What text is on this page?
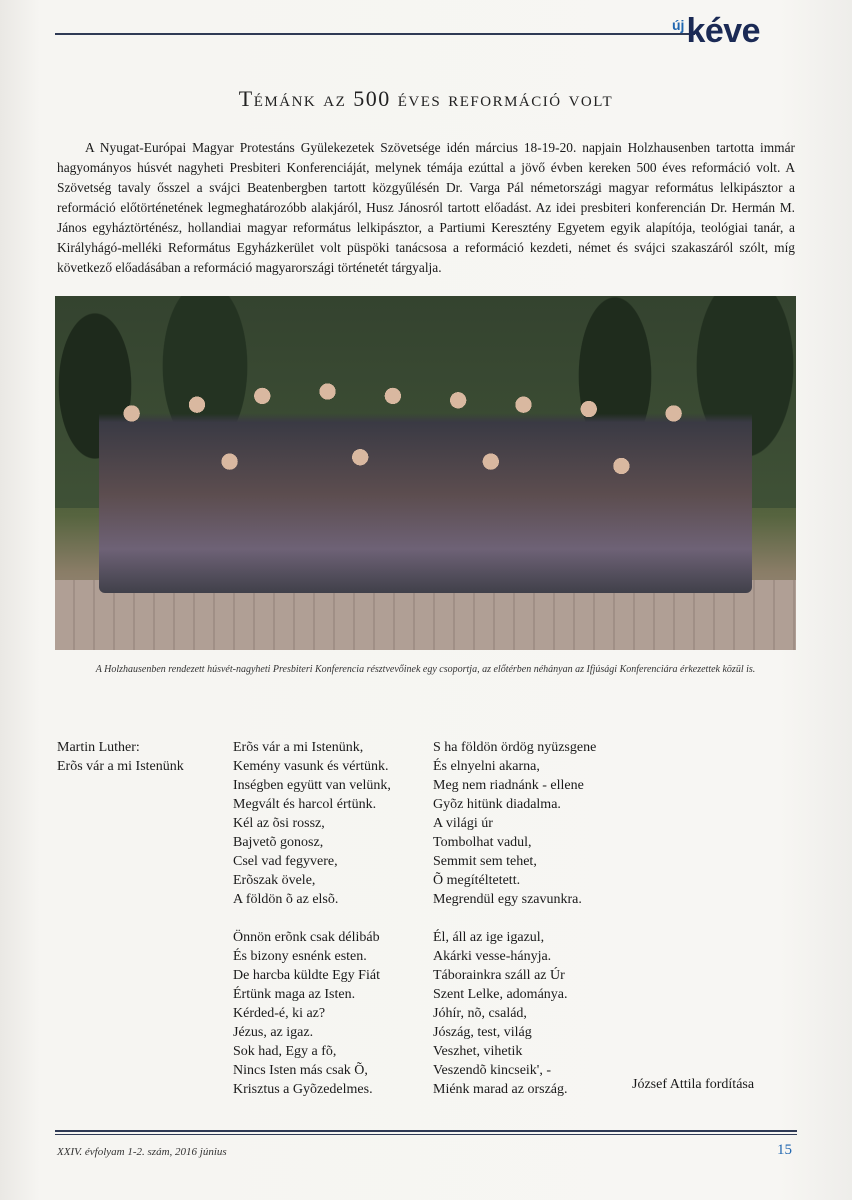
új kéve
Témánk az 500 éves reformáció volt

A Nyugat-Európai Magyar Protestáns Gyülekezetek Szövetsége idén március 18-19-20. napjain Holzhausenben tartotta immár hagyományos húsvét nagyheti Presbiteri Konferenciáját, melynek témája ezúttal a jövő évben kereken 500 éves reformáció volt. A Szövetség tavaly ősszel a svájci Beatenbergben tartott közgyűlésén Dr. Varga Pál németországi magyar református lelkipásztor a reformáció előtörténetének legmeghatározóbb alakjáról, Husz Jánosról tartott előadást. Az idei presbiteri konferencián Dr. Hermán M. János egyháztörténész, hollandiai magyar református lelkipásztor, a Partiumi Keresztény Egyetem egyik alapítója, teológiai tanár, a Királyhágó-melléki Református Egyházkerület volt püspöki tanácsosa a reformáció kezdeti, német és svájci szakaszáról szólt, míg következő előadásában a reformáció magyarországi történetét tárgyalja.

A Holzhausenben rendezett húsvét-nagyheti Presbiteri Konferencia résztvevőinek egy csoportja, az előtérben néhányan az Ifjúsági Konferenciára érkezettek közül is.
Martin Luther:
Erõs vár a mi Istenünk
Erõs vár a mi Istenünk,
Kemény vasunk és vértünk.
Inségben együtt van velünk,
Megvált és harcol értünk.
Kél az õsi rossz,
Bajvetõ gonosz,
Csel vad fegyvere,
Erõszak övele,
A földön õ az elsõ.
Önnön erõnk csak délibáb
És bizony esnénk esten.
De harcba küldte Egy Fiát
Értünk maga az Isten.
Kérded-é, ki az?
Jézus, az igaz.
Sok had, Egy a fõ,
Nincs Isten más csak Õ,
Krisztus a Gyõzedelmes.
S ha földön ördög nyüzsgene
És elnyelni akarna,
Meg nem riadnánk - ellene
Gyõz hitünk diadalma.
A világi úr
Tombolhat vadul,
Semmit sem tehet,
Õ megítéltetett.
Megrendül egy szavunkra.
Él, áll az ige igazul,
Akárki vesse-hányja.
Táborainkra száll az Úr
Szent Lelke, adománya.
Jóhír, nõ, család,
Jószág, test, világ
Veszhet, vihetik
Veszendõ kincseik', -
Miénk marad az ország.	József Attila fordítása
XXIV. évfolyam 1-2. szám, 2016 június	15
